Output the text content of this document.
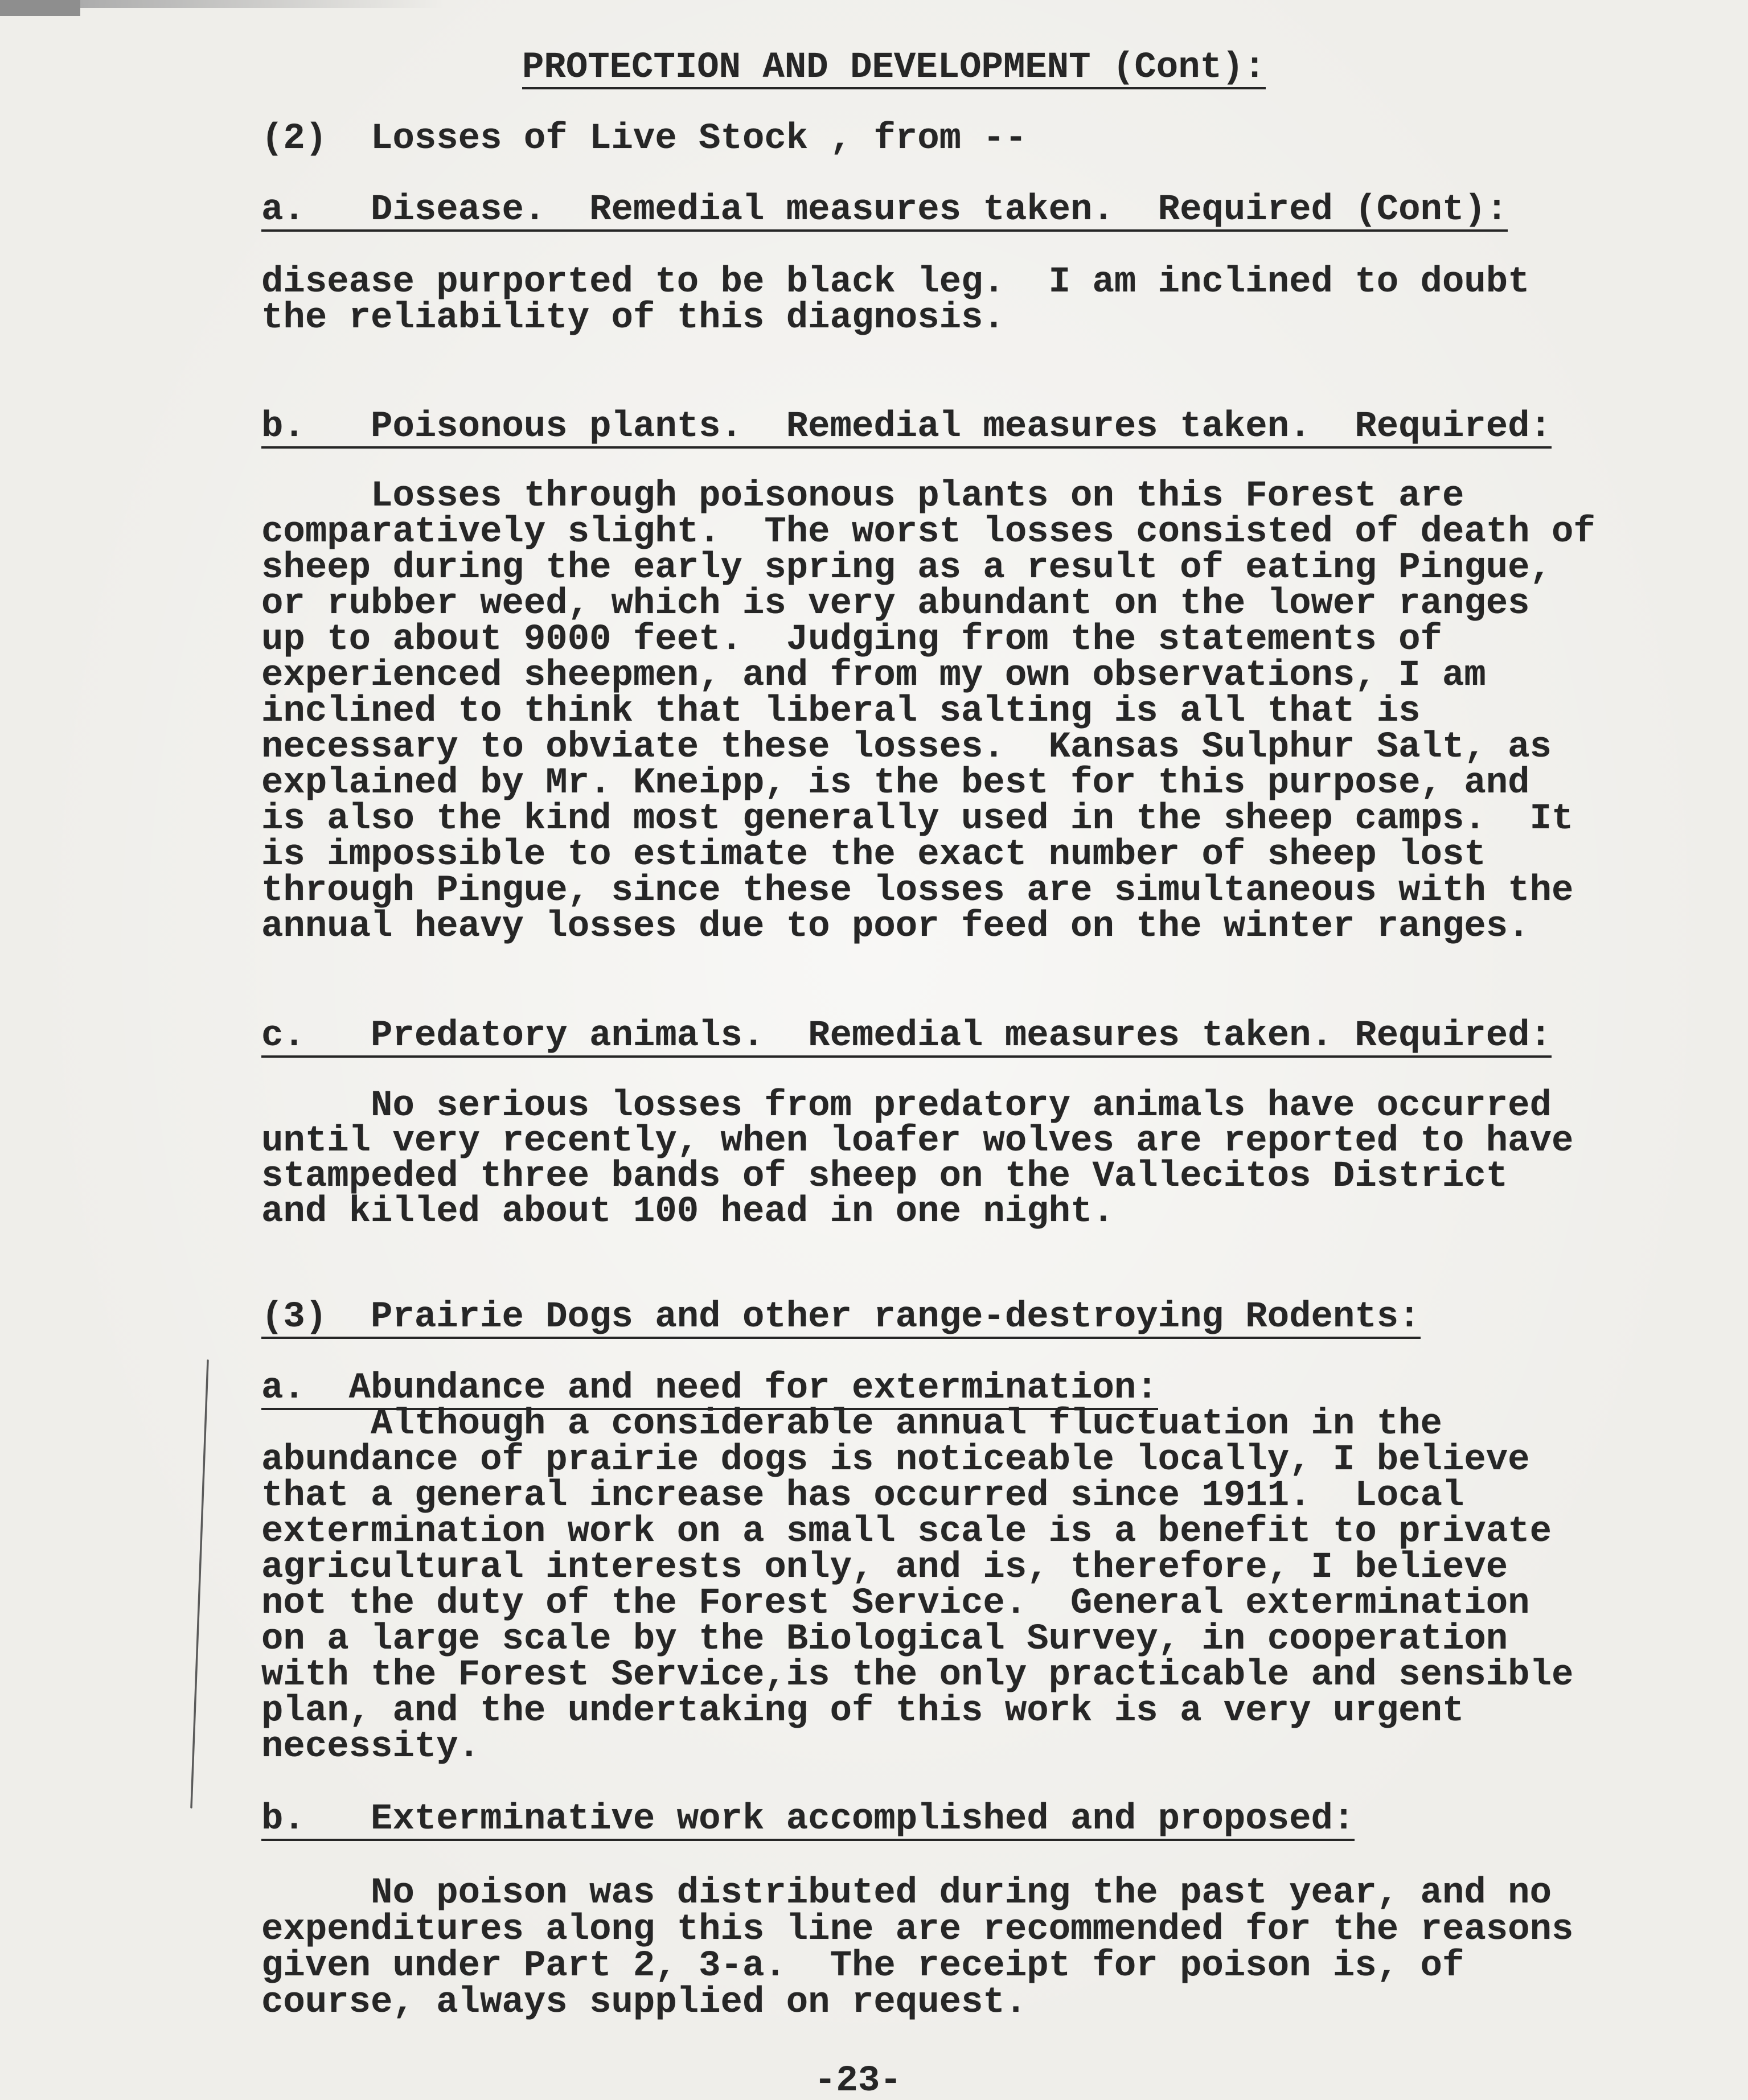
PROTECTION AND DEVELOPMENT (Cont):
(2) Losses of Live Stock , from --
a. Disease.  Remedial measures taken.  Required (Cont):
disease purported to be black leg.  I am inclined to doubt
the reliability of this diagnosis.
b. Poisonous plants.  Remedial measures taken.  Required:
Losses through poisonous plants on this Forest are
comparatively slight.  The worst losses consisted of death of
sheep during the early spring as a result of eating Pingue,
or rubber weed, which is very abundant on the lower ranges
up to about 9000 feet.  Judging from the statements of
experienced sheepmen, and from my own observations, I am
inclined to think that liberal salting is all that is
necessary to obviate these losses.  Kansas Sulphur Salt, as
explained by Mr. Kneipp, is the best for this purpose, and
is also the kind most generally used in the sheep camps.  It
is impossible to estimate the exact number of sheep lost
through Pingue, since these losses are simultaneous with the
annual heavy losses due to poor feed on the winter ranges.
c. Predatory animals.  Remedial measures taken. Required:
No serious losses from predatory animals have occurred
until very recently, when loafer wolves are reported to have
stampeded three bands of sheep on the Vallecitos District
and killed about 100 head in one night.
(3) Prairie Dogs and other range-destroying Rodents:
a. Abundance and need for extermination:
Although a considerable annual fluctuation in the
abundance of prairie dogs is noticeable locally, I believe
that a general increase has occurred since 1911.  Local
extermination work on a small scale is a benefit to private
agricultural interests only, and is, therefore, I believe
not the duty of the Forest Service.  General extermination
on a large scale by the Biological Survey, in cooperation
with the Forest Service,is the only practicable and sensible
plan, and the undertaking of this work is a very urgent
necessity.
b. Exterminative work accomplished and proposed:
No poison was distributed during the past year, and no
expenditures along this line are recommended for the reasons
given under Part 2, 3-a.  The receipt for poison is, of
course, always supplied on request.
-23-
